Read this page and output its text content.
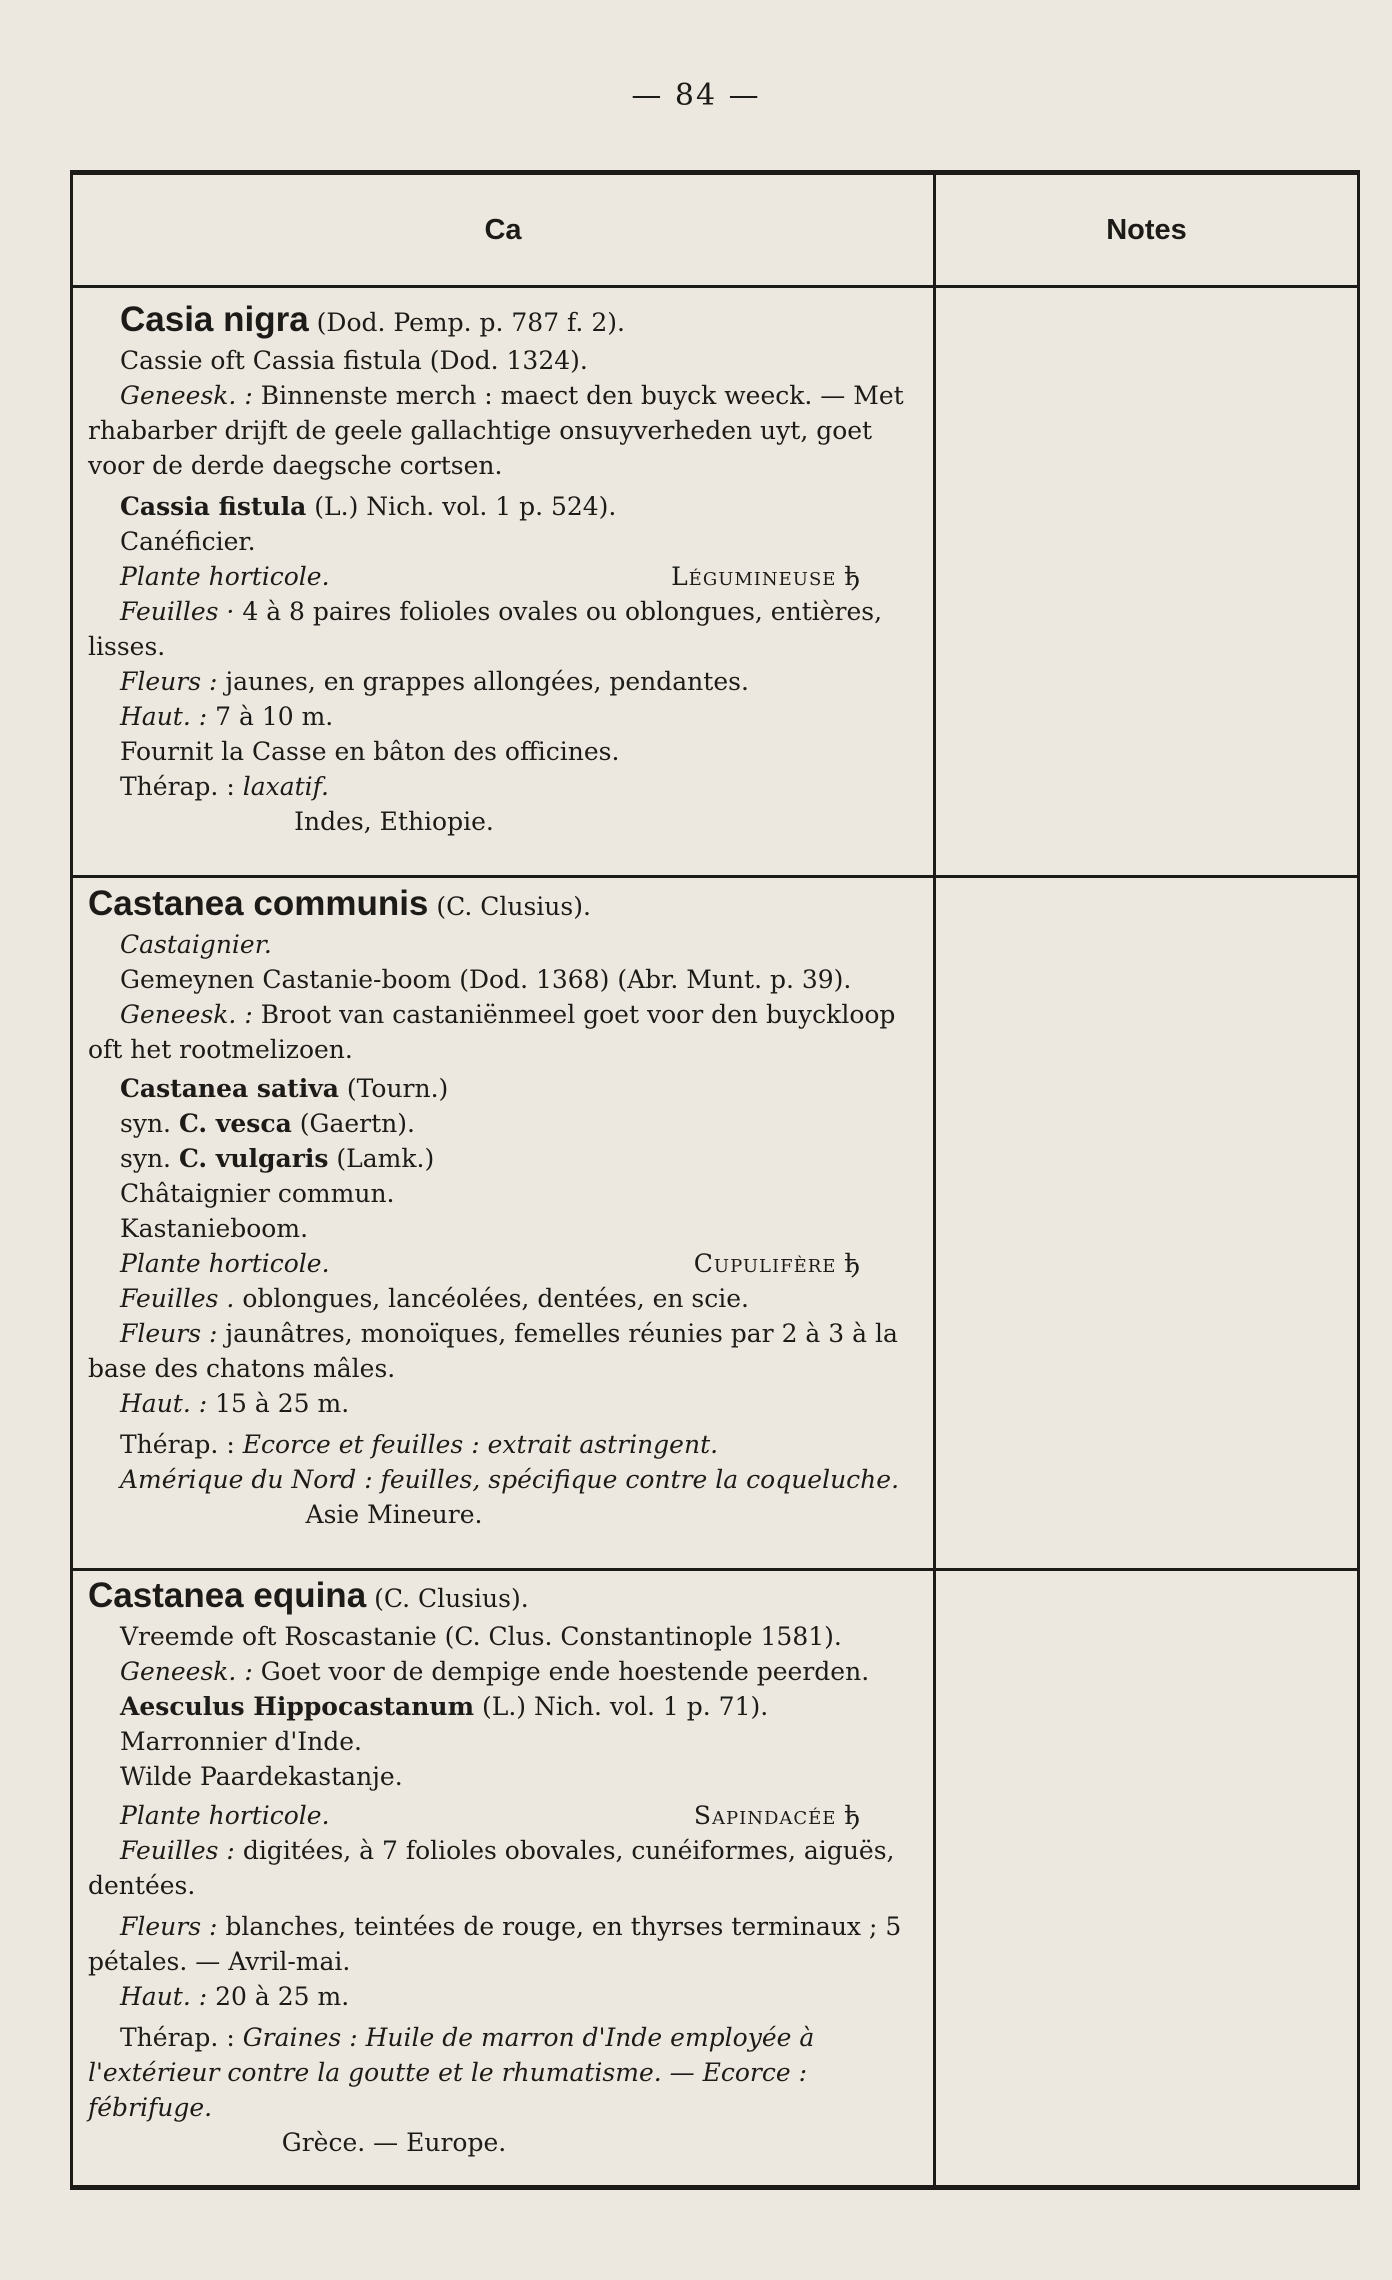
— 84 —
Ca	Notes
Casia nigra (Dod. Pemp. p. 787 f. 2).
Cassie oft Cassia fistula (Dod. 1324).
Geneesk. : Binnenste merch : maect den buyck weeck. — Met rhabarber drijft de geele gallachtige onsuyverheden uyt, goet voor de derde daegsche cortsen.
Cassia fistula (L.) Nich. vol. 1 p. 524).
Canéficier.
Plante horticole.	Légumineuse ђ
Feuilles · 4 à 8 paires folioles ovales ou oblongues, entières, lisses.
Fleurs : jaunes, en grappes allongées, pendantes.
Haut. : 7 à 10 m.
Fournit la Casse en bâton des officines.
Thérap. : laxatif.
Indes, Ethiopie.
Castanea communis (C. Clusius).
Castaignier.
Gemeynen Castanie-boom (Dod. 1368) (Abr. Munt. p. 39).
Geneesk. : Broot van castaniënmeel goet voor den buyckloop oft het rootmelizoen.
Castanea sativa (Tourn.)
syn. C. vesca (Gaertn).
syn. C. vulgaris (Lamk.)
Châtaignier commun.
Kastanieboom.
Plante horticole.	Cupulifère ђ
Feuilles . oblongues, lancéolées, dentées, en scie.
Fleurs : jaunâtres, monoïques, femelles réunies par 2 à 3 à la base des chatons mâles.
Haut. : 15 à 25 m.
Thérap. : Ecorce et feuilles : extrait astringent.
Amérique du Nord : feuilles, spécifique contre la coqueluche.
Asie Mineure.
Castanea equina (C. Clusius).
Vreemde oft Roscastanie (C. Clus. Constantinople 1581).
Geneesk. : Goet voor de dempige ende hoestende peerden.
Aesculus Hippocastanum (L.) Nich. vol. 1 p. 71).
Marronnier d'Inde.
Wilde Paardekastanje.
Plante horticole.	Sapindacée ђ
Feuilles : digitées, à 7 folioles obovales, cunéiformes, aiguës, dentées.
Fleurs : blanches, teintées de rouge, en thyrses terminaux ; 5 pétales. — Avril-mai.
Haut. : 20 à 25 m.
Thérap. : Graines : Huile de marron d'Inde employée à l'extérieur contre la goutte et le rhumatisme. — Ecorce : fébrifuge.
Grèce. — Europe.
